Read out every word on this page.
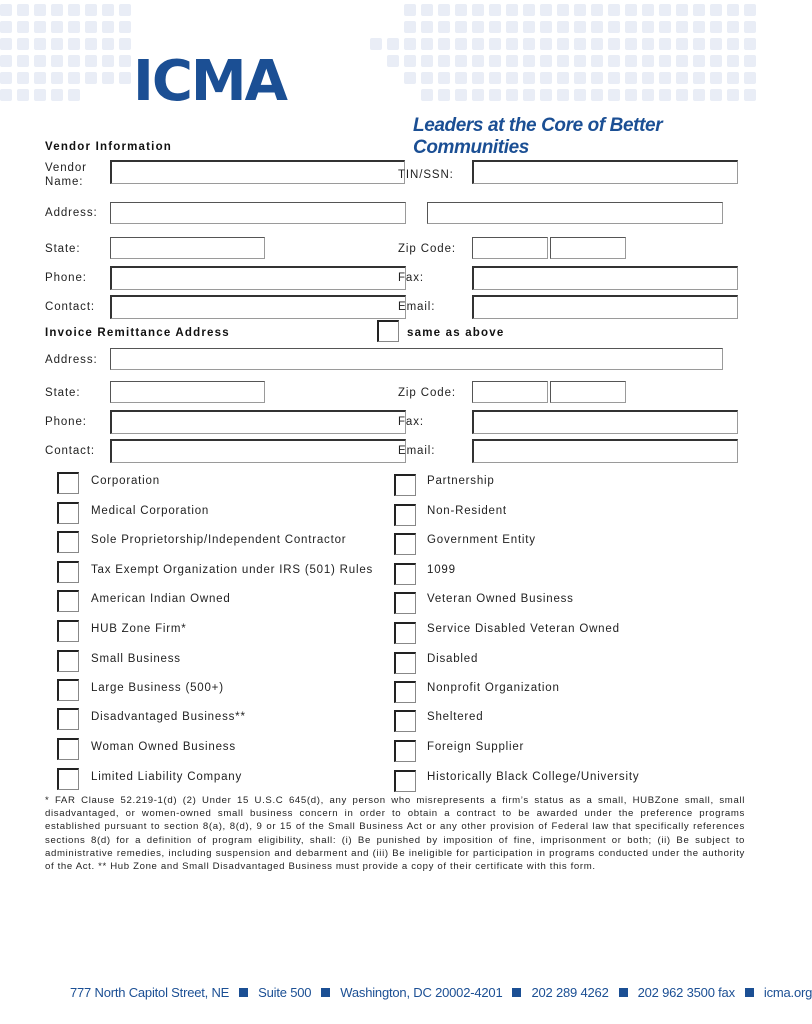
ICMA
Leaders at the Core of Better Communities
Vendor Information
Vendor
Name:
TIN/SSN:
Address:
State:	Zip Code:
Phone:	Fax:
Contact:	Email:
Invoice Remittance Address	same as above
Address:
State:	Zip Code:
Phone:	Fax:
Contact:	Email:
Corporation
Medical Corporation
Sole Proprietorship/Independent Contractor
Tax Exempt Organization under IRS (501) Rules
American Indian Owned
HUB Zone Firm*
Small Business
Large Business (500+)
Disadvantaged Business**
Woman Owned Business
Limited Liability Company
Partnership
Non-Resident
Government Entity
1099
Veteran Owned Business
Service Disabled Veteran Owned
Disabled
Nonprofit Organization
Sheltered
Foreign Supplier
Historically Black College/University
* FAR Clause 52.219-1(d) (2) Under 15 U.S.C 645(d), any person who misrepresents a firm’s status as a small, HUBZone small, small disadvantaged, or women-owned small business concern in order to obtain a contract to be awarded under the preference programs established pursuant to section 8(a), 8(d), 9 or 15 of the Small Business Act or any other provision of Federal law that specifically references sections 8(d) for a definition of program eligibility, shall: (i) Be punished by imposition of fine, imprisonment or both; (ii) Be subject to administrative remedies, including suspension and debarment and (iii) Be ineligible for participation in programs conducted under the authority of the Act. ** Hub Zone and Small Disadvantaged Business must provide a copy of their certificate with this form.
777 North Capitol Street, NE Suite 500 Washington, DC 20002-4201 202 289 4262 202 962 3500 fax icma.org
